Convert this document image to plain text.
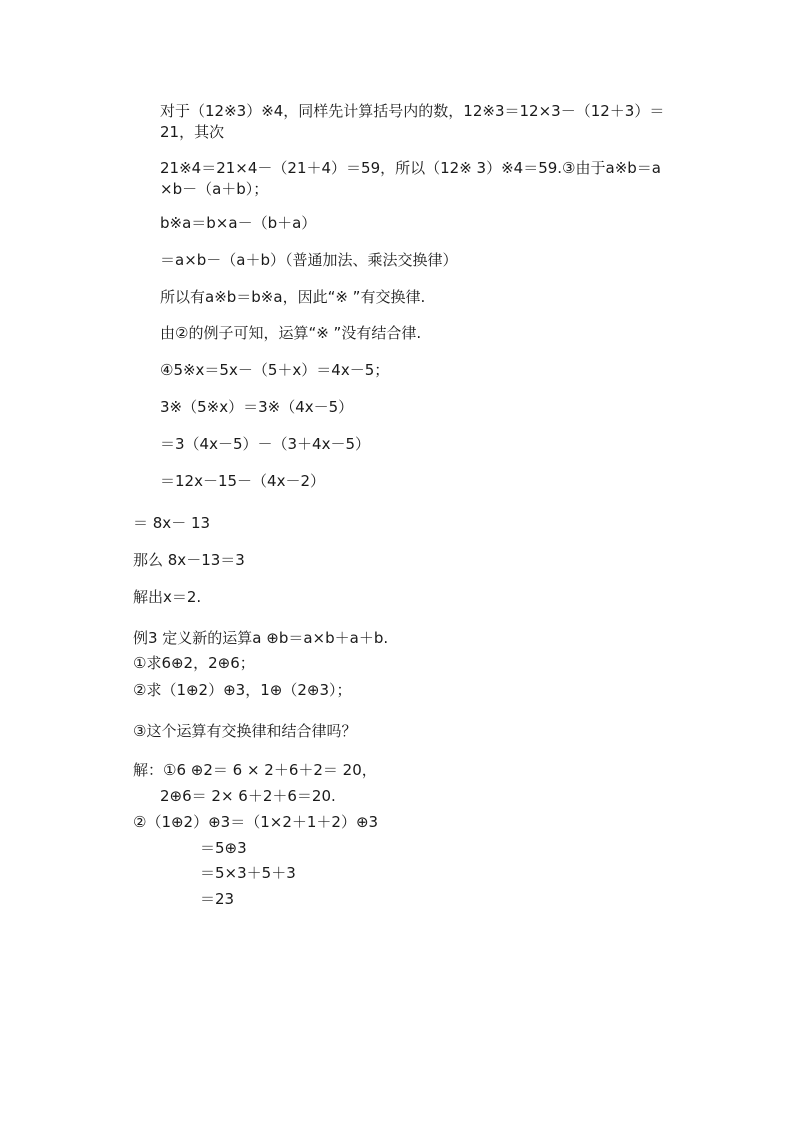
对于（12※3）※4，同样先计算括号内的数，12※3＝12×3－（12＋3）＝
21，其次
21※4＝21×4－（21＋4）＝59，所以（12※ 3）※4＝59.③由于a※b＝a
×b－（a＋b）；
b※a＝b×a－（b＋a）
＝a×b－（a＋b）（普通加法、乘法交换律）
所以有a※b＝b※a，因此“※ ”有交换律.
由②的例子可知，运算“※ ”没有结合律.
④5※x＝5x－（5＋x）＝4x－5；
3※（5※x）＝3※（4x－5）
＝3（4x－5）－（3＋4x－5）
＝12x－15－（4x－2）
＝ 8x－ 13
那么 8x－13＝3
解出x＝2.
例3 定义新的运算a ⊕b＝a×b＋a＋b.
①求6⊕2，2⊕6；
②求（1⊕2）⊕3，1⊕（2⊕3）；
③这个运算有交换律和结合律吗？
解：①6 ⊕2＝ 6 × 2＋6＋2＝ 20，
2⊕6＝ 2× 6＋2＋6＝20.
②（1⊕2）⊕3＝（1×2＋1＋2）⊕3
＝5⊕3
＝5×3＋5＋3
＝23
